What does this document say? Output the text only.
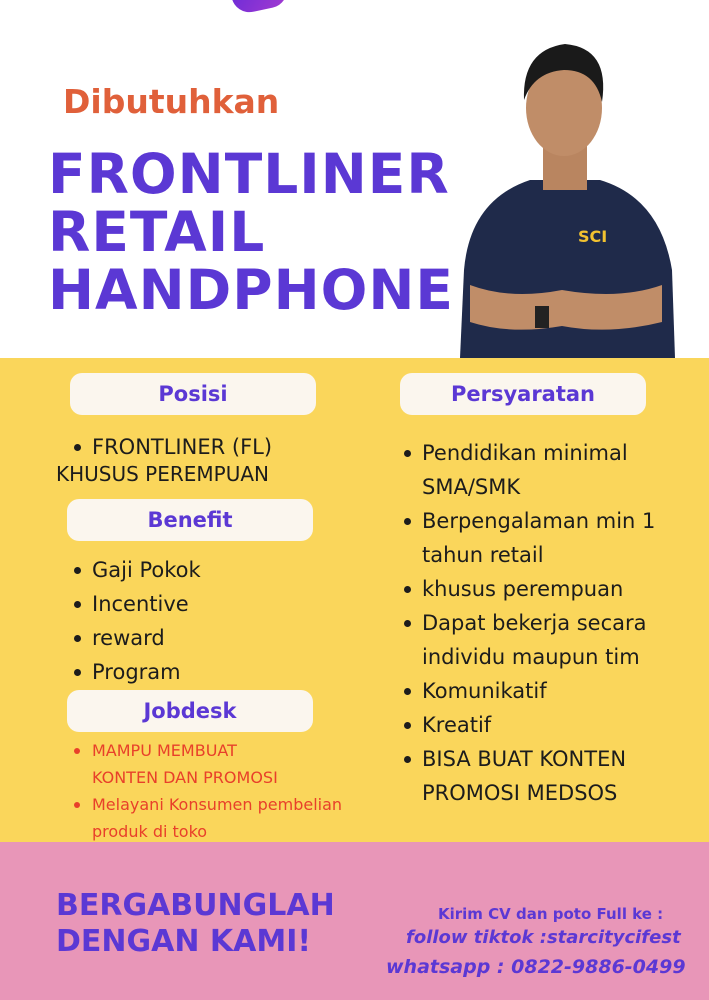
Dibutuhkan
FRONTLINER
RETAIL
HANDPHONE
SCI
Posisi
FRONTLINER (FL)
KHUSUS PEREMPUAN
Benefit
Gaji Pokok
Incentive
reward
Program
Jobdesk
MAMPU MEMBUAT
KONTEN DAN PROMOSI
Melayani Konsumen pembelian
produk di toko
Persyaratan
Pendidikan minimal
SMA/SMK
Berpengalaman min 1
tahun retail
khusus perempuan
Dapat bekerja secara
individu maupun tim
Komunikatif
Kreatif
BISA BUAT KONTEN
PROMOSI MEDSOS
BERGABUNGLAH
DENGAN KAMI!
Kirim CV dan poto Full ke :
follow tiktok :starcitycifest
whatsapp : 0822-9886-0499
